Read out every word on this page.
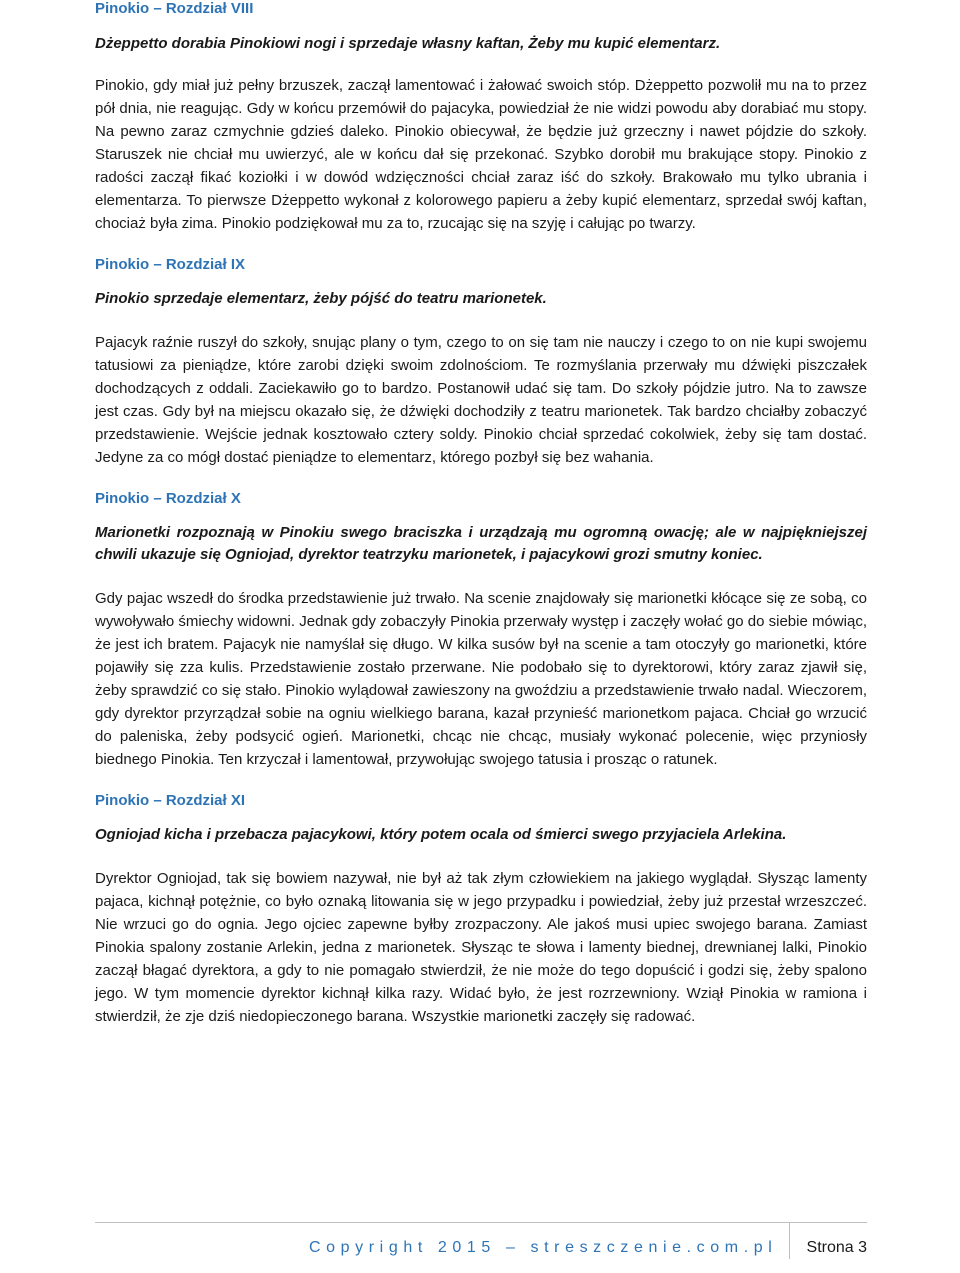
Pinokio – Rozdział VIII

Dżeppetto dorabia Pinokiowi nogi i sprzedaje własny kaftan, Żeby mu kupić elementarz.

Pinokio, gdy miał już pełny brzuszek, zaczął lamentować i żałować swoich stóp. Dżeppetto pozwolił mu na to przez pół dnia, nie reagując. Gdy w końcu przemówił do pajacyka, powiedział że nie widzi powodu aby dorabiać mu stopy. Na pewno zaraz czmychnie gdzieś daleko. Pinokio obiecywał, że będzie już grzeczny i nawet pójdzie do szkoły. Staruszek nie chciał mu uwierzyć, ale w końcu dał się przekonać. Szybko dorobił mu brakujące stopy. Pinokio z radości zaczął fikać koziołki i w dowód wdzięczności chciał zaraz iść do szkoły. Brakowało mu tylko ubrania i elementarza. To pierwsze Dżeppetto wykonał z kolorowego papieru a żeby kupić elementarz, sprzedał swój kaftan, chociaż była zima. Pinokio podziękował mu za to, rzucając się na szyję i całując po twarzy.

Pinokio – Rozdział IX

Pinokio sprzedaje elementarz, żeby pójść do teatru marionetek.

Pajacyk raźnie ruszył do szkoły, snując plany o tym, czego to on się tam nie nauczy i czego to on nie kupi swojemu tatusiowi za pieniądze, które zarobi dzięki swoim zdolnościom. Te rozmyślania przerwały mu dźwięki piszczałek dochodzących z oddali. Zaciekawiło go to bardzo. Postanowił udać się tam. Do szkoły pójdzie jutro. Na to zawsze jest czas. Gdy był na miejscu okazało się, że dźwięki dochodziły z teatru marionetek. Tak bardzo chciałby zobaczyć przedstawienie. Wejście jednak kosztowało cztery soldy. Pinokio chciał sprzedać cokolwiek, żeby się tam dostać. Jedyne za co mógł dostać pieniądze to elementarz, którego pozbył się bez wahania.

Pinokio – Rozdział X

Marionetki rozpoznają w Pinokiu swego braciszka i urządzają mu ogromną owację; ale w najpiękniejszej chwili ukazuje się Ogniojad, dyrektor teatrzyku marionetek, i pajacykowi grozi smutny koniec.

Gdy pajac wszedł do środka przedstawienie już trwało. Na scenie znajdowały się marionetki kłócące się ze sobą, co wywoływało śmiechy widowni. Jednak gdy zobaczyły Pinokia przerwały występ i zaczęły wołać go do siebie mówiąc, że jest ich bratem. Pajacyk nie namyślał się długo. W kilka susów był na scenie a tam otoczyły go marionetki, które pojawiły się zza kulis. Przedstawienie zostało przerwane. Nie podobało się to dyrektorowi, który zaraz zjawił się, żeby sprawdzić co się stało. Pinokio wylądował zawieszony na gwoździu a przedstawienie trwało nadal. Wieczorem, gdy dyrektor przyrządzał sobie na ogniu wielkiego barana, kazał przynieść marionetkom pajaca. Chciał go wrzucić do paleniska, żeby podsycić ogień. Marionetki, chcąc nie chcąc, musiały wykonać polecenie, więc przyniosły biednego Pinokia. Ten krzyczał i lamentował, przywołując swojego tatusia i prosząc o ratunek.

Pinokio – Rozdział XI

Ogniojad kicha i przebacza pajacykowi, który potem ocala od śmierci swego przyjaciela Arlekina.

Dyrektor Ogniojad, tak się bowiem nazywał, nie był aż tak złym człowiekiem na jakiego wyglądał. Słysząc lamenty pajaca, kichnął potężnie, co było oznaką litowania się w jego przypadku i powiedział, żeby już przestał wrzeszczeć. Nie wrzuci go do ognia. Jego ojciec zapewne byłby zrozpaczony. Ale jakoś musi upiec swojego barana. Zamiast Pinokia spalony zostanie Arlekin, jedna z marionetek. Słysząc te słowa i lamenty biednej, drewnianej lalki, Pinokio zaczął błagać dyrektora, a gdy to nie pomagało stwierdził, że nie może do tego dopuścić i godzi się, żeby spalono jego. W tym momencie dyrektor kichnął kilka razy. Widać było, że jest rozrzewniony. Wziął Pinokia w ramiona i stwierdził, że zje dziś niedopieczonego barana. Wszystkie marionetki zaczęły się radować.

Copyright 2015 – streszczenie.com.pl Strona 3
